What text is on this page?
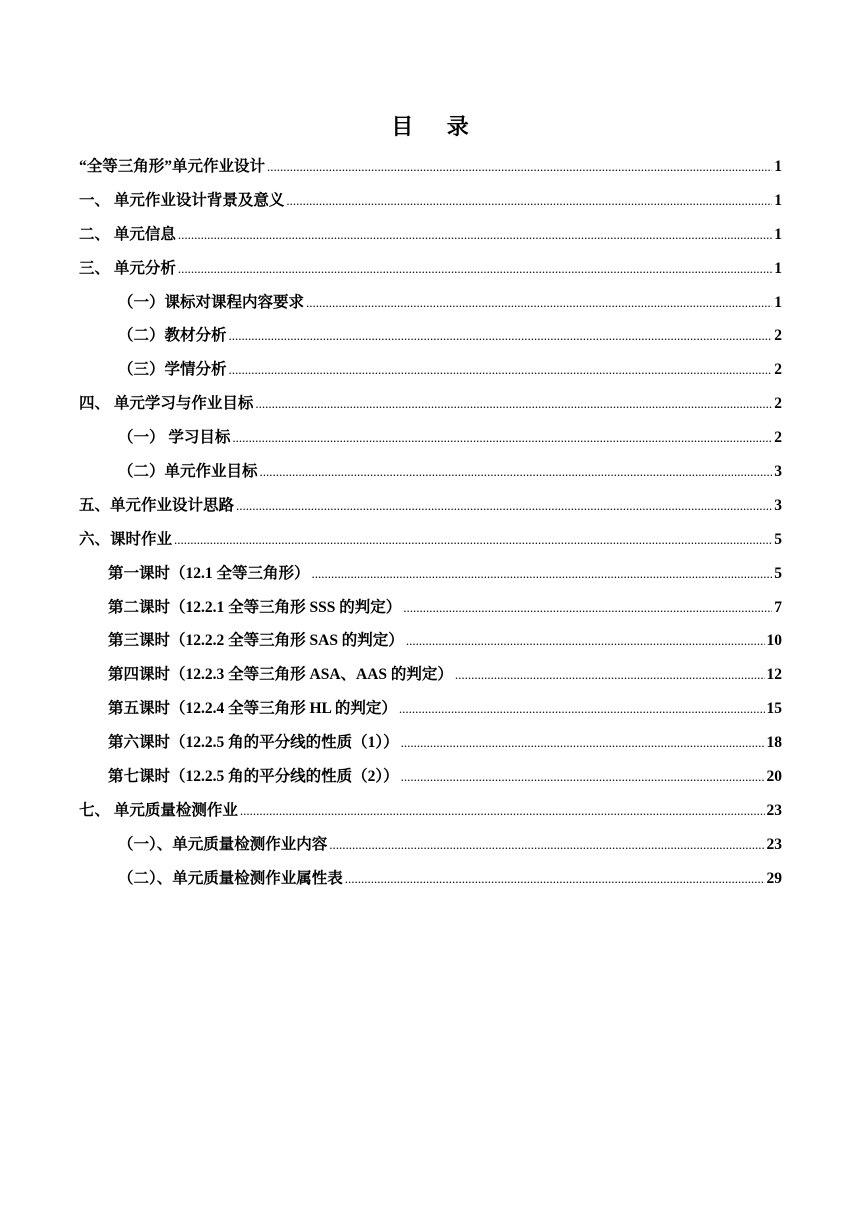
目 录
“全等三角形”单元作业设计 .....	1
一、 单元作业设计背景及意义 .....	1
二、 单元信息 .....	1
三、 单元分析 .....	1
（一）课标对课程内容要求 .....	1
（二）教材分析 .....	2
（三）学情分析 .....	2
四、 单元学习与作业目标 .....	2
（一） 学习目标 .....	2
（二）单元作业目标 .....	3
五、单元作业设计思路 .....	3
六、课时作业 .....	5
第一课时（12.1 全等三角形） .....	5
第二课时（12.2.1 全等三角形 SSS 的判定） .....	7
第三课时（12.2.2 全等三角形 SAS 的判定） .....	10
第四课时（12.2.3 全等三角形 ASA、AAS 的判定） .....	12
第五课时（12.2.4 全等三角形 HL 的判定） .....	15
第六课时（12.2.5 角的平分线的性质（1）） .....	18
第七课时（12.2.5 角的平分线的性质（2）） .....	20
七、 单元质量检测作业 .....	23
（一）、单元质量检测作业内容 .....	23
（二）、单元质量检测作业属性表 .....	29
